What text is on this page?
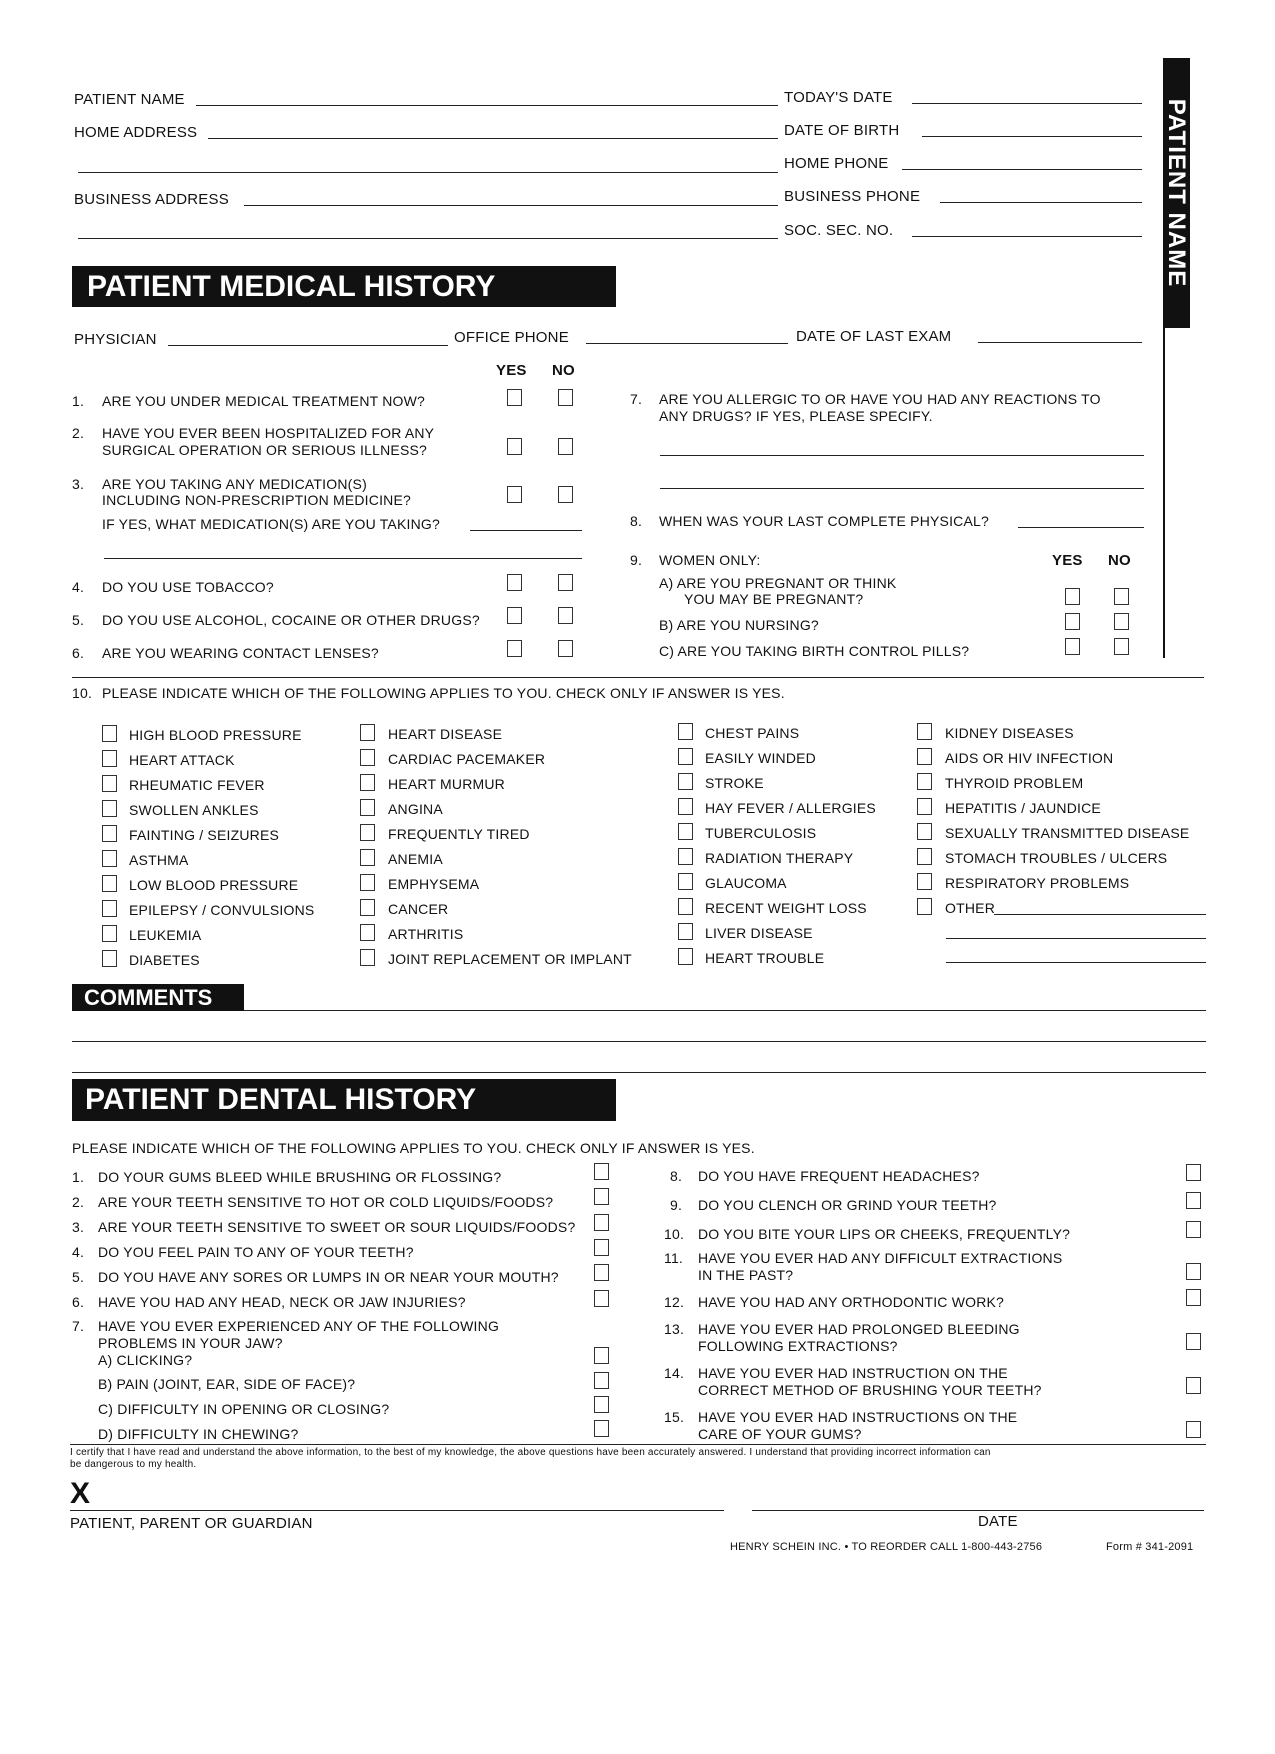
PATIENT NAME
PATIENT NAME
HOME ADDRESS
BUSINESS ADDRESS
TODAY'S DATE
DATE OF BIRTH
HOME PHONE
BUSINESS PHONE
SOC. SEC. NO.
PATIENT MEDICAL HISTORY
PHYSICIAN	OFFICE PHONE	DATE OF LAST EXAM
YES NO
1. ARE YOU UNDER MEDICAL TREATMENT NOW?
2. HAVE YOU EVER BEEN HOSPITALIZED FOR ANY
SURGICAL OPERATION OR SERIOUS ILLNESS?
3. ARE YOU TAKING ANY MEDICATION(S)
INCLUDING NON-PRESCRIPTION MEDICINE?
IF YES, WHAT MEDICATION(S) ARE YOU TAKING?
4. DO YOU USE TOBACCO?
5. DO YOU USE ALCOHOL, COCAINE OR OTHER DRUGS?
6. ARE YOU WEARING CONTACT LENSES?
7. ARE YOU ALLERGIC TO OR HAVE YOU HAD ANY REACTIONS TO
ANY DRUGS? IF YES, PLEASE SPECIFY.
8. WHEN WAS YOUR LAST COMPLETE PHYSICAL?
9. WOMEN ONLY:	YES NO
A) ARE YOU PREGNANT OR THINK
YOU MAY BE PREGNANT?
B) ARE YOU NURSING?
C) ARE YOU TAKING BIRTH CONTROL PILLS?
10. PLEASE INDICATE WHICH OF THE FOLLOWING APPLIES TO YOU. CHECK ONLY IF ANSWER IS YES.
HIGH BLOOD PRESSURE
HEART ATTACK
RHEUMATIC FEVER
SWOLLEN ANKLES
FAINTING / SEIZURES
ASTHMA
LOW BLOOD PRESSURE
EPILEPSY / CONVULSIONS
LEUKEMIA
DIABETES
HEART DISEASE
CARDIAC PACEMAKER
HEART MURMUR
ANGINA
FREQUENTLY TIRED
ANEMIA
EMPHYSEMA
CANCER
ARTHRITIS
JOINT REPLACEMENT OR IMPLANT
CHEST PAINS
EASILY WINDED
STROKE
HAY FEVER / ALLERGIES
TUBERCULOSIS
RADIATION THERAPY
GLAUCOMA
RECENT WEIGHT LOSS
LIVER DISEASE
HEART TROUBLE
KIDNEY DISEASES
AIDS OR HIV INFECTION
THYROID PROBLEM
HEPATITIS / JAUNDICE
SEXUALLY TRANSMITTED DISEASE
STOMACH TROUBLES / ULCERS
RESPIRATORY PROBLEMS
OTHER
COMMENTS
PATIENT DENTAL HISTORY
PLEASE INDICATE WHICH OF THE FOLLOWING APPLIES TO YOU. CHECK ONLY IF ANSWER IS YES.
1. DO YOUR GUMS BLEED WHILE BRUSHING OR FLOSSING?
2. ARE YOUR TEETH SENSITIVE TO HOT OR COLD LIQUIDS/FOODS?
3. ARE YOUR TEETH SENSITIVE TO SWEET OR SOUR LIQUIDS/FOODS?
4. DO YOU FEEL PAIN TO ANY OF YOUR TEETH?
5. DO YOU HAVE ANY SORES OR LUMPS IN OR NEAR YOUR MOUTH?
6. HAVE YOU HAD ANY HEAD, NECK OR JAW INJURIES?
7. HAVE YOU EVER EXPERIENCED ANY OF THE FOLLOWING
PROBLEMS IN YOUR JAW?
A) CLICKING?
B) PAIN (JOINT, EAR, SIDE OF FACE)?
C) DIFFICULTY IN OPENING OR CLOSING?
D) DIFFICULTY IN CHEWING?
8. DO YOU HAVE FREQUENT HEADACHES?
9. DO YOU CLENCH OR GRIND YOUR TEETH?
10. DO YOU BITE YOUR LIPS OR CHEEKS, FREQUENTLY?
11. HAVE YOU EVER HAD ANY DIFFICULT EXTRACTIONS
IN THE PAST?
12. HAVE YOU HAD ANY ORTHODONTIC WORK?
13. HAVE YOU EVER HAD PROLONGED BLEEDING
FOLLOWING EXTRACTIONS?
14. HAVE YOU EVER HAD INSTRUCTION ON THE
CORRECT METHOD OF BRUSHING YOUR TEETH?
15. HAVE YOU EVER HAD INSTRUCTIONS ON THE
CARE OF YOUR GUMS?
I certify that I have read and understand the above information, to the best of my knowledge, the above questions have been accurately answered. I understand that providing incorrect information can
be dangerous to my health.
X
PATIENT, PARENT OR GUARDIAN	DATE
HENRY SCHEIN INC. • TO REORDER CALL 1-800-443-2756	Form # 341-2091
